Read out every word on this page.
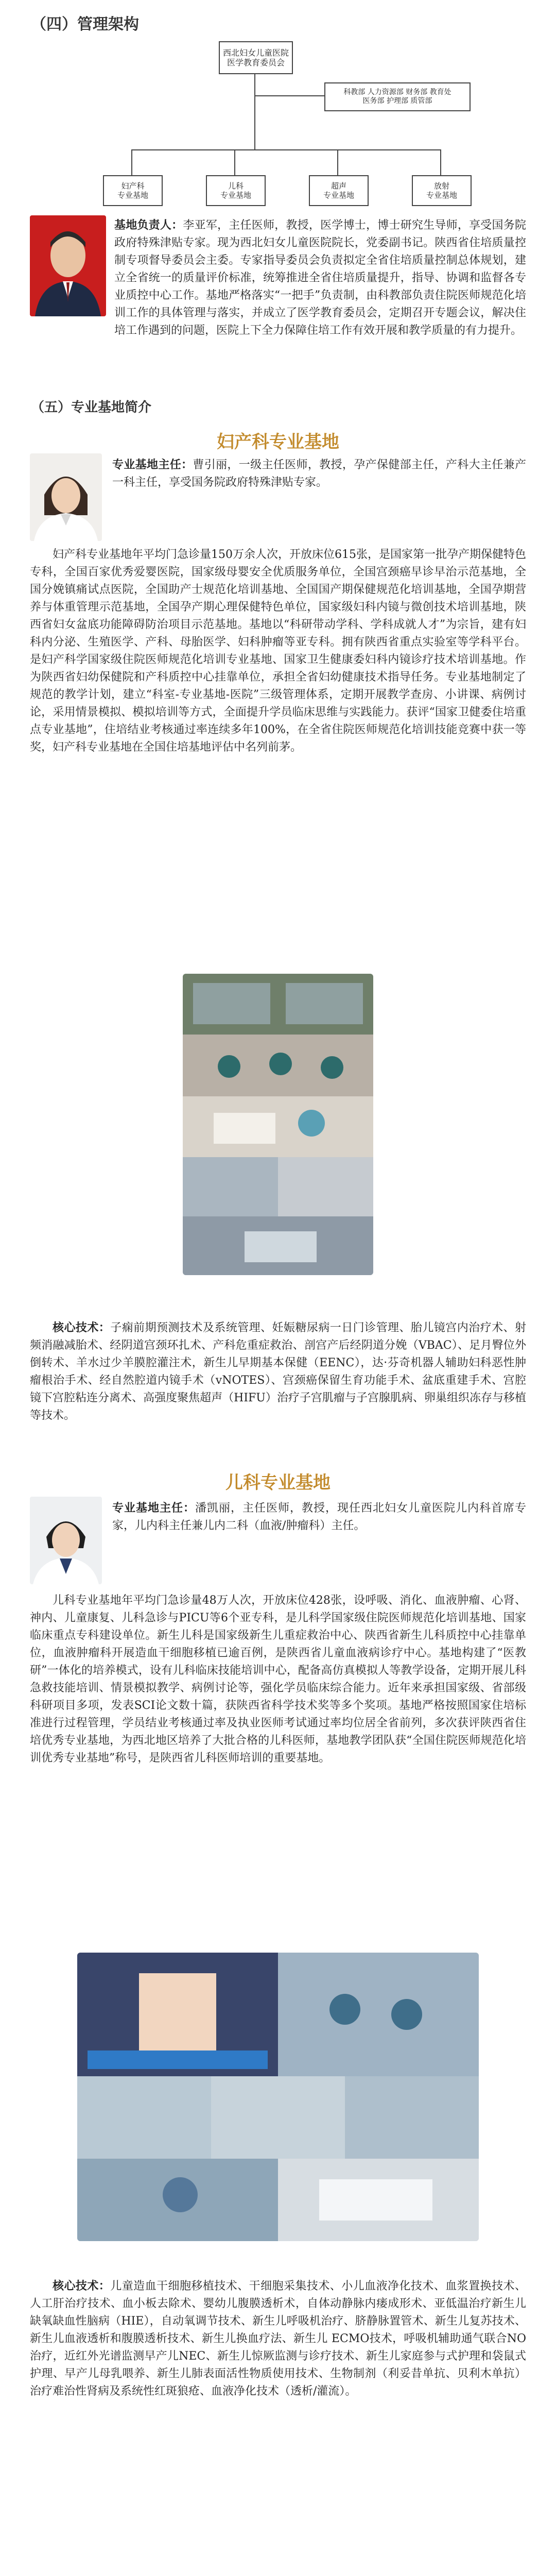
（四）管理架构
西北妇女儿童医院
医学教育委员会
科教部 人力资源部 财务部 教育处
医务部 护理部 质管部
妇产科
专业基地
儿科
专业基地
超声
专业基地
放射
专业基地
基地负责人：李亚军，主任医师，教授，医学博士，博士研究生导师，享受国务院政府特殊津贴专家。现为西北妇女儿童医院院长，党委副书记。陕西省住培质量控制专项督导委员会主委。专家指导委员会负责拟定全省住培质量控制总体规划，建立全省统一的质量评价标准，统筹推进全省住培质量提升，指导、协调和监督各专业质控中心工作。基地严格落实“一把手”负责制，由科教部负责住院医师规范化培训工作的具体管理与落实，并成立了医学教育委员会，定期召开专题会议，解决住培工作遇到的问题，医院上下全力保障住培工作有效开展和教学质量的有力提升。
（五）专业基地简介
妇产科专业基地
专业基地主任：曹引丽，一级主任医师，教授，孕产保健部主任，产科大主任兼产一科主任，享受国务院政府特殊津贴专家。
妇产科专业基地年平均门急诊量150万余人次，开放床位615张，是国家第一批孕产期保健特色专科，全国百家优秀爱婴医院，国家级母婴安全优质服务单位，全国宫颈癌早诊早治示范基地，全国分娩镇痛试点医院，全国助产士规范化培训基地、全国国产期保健规范化培训基地，全国孕期营养与体重管理示范基地，全国孕产期心理保健特色单位，国家级妇科内镜与微创技术培训基地，陕西省妇女盆底功能障碍防治项目示范基地。基地以“科研带动学科、学科成就人才”为宗旨，建有妇科内分泌、生殖医学、产科、母胎医学、妇科肿瘤等亚专科。拥有陕西省重点实验室等学科平台。是妇产科学国家级住院医师规范化培训专业基地、国家卫生健康委妇科内镜诊疗技术培训基地。作为陕西省妇幼保健院和产科质控中心挂靠单位，承担全省妇幼健康技术指导任务。专业基地制定了规范的教学计划，建立“科室-专业基地-医院”三级管理体系，定期开展教学查房、小讲课、病例讨论，采用情景模拟、模拟培训等方式，全面提升学员临床思维与实践能力。获评“国家卫健委住培重点专业基地”，住培结业考核通过率连续多年100%，在全省住院医师规范化培训技能竞赛中获一等奖，妇产科专业基地在全国住培基地评估中名列前茅。
核心技术：子痫前期预测技术及系统管理、妊娠糖尿病一日门诊管理、胎儿镜宫内治疗术、射频消融减胎术、经阴道宫颈环扎术、产科危重症救治、剖宫产后经阴道分娩（VBAC）、足月臀位外倒转术、羊水过少羊膜腔灌注术，新生儿早期基本保健（EENC），达·芬奇机器人辅助妇科恶性肿瘤根治手术、经自然腔道内镜手术（vNOTES）、宫颈癌保留生育功能手术、盆底重建手术、宫腔镜下宫腔粘连分离术、高强度聚焦超声（HIFU）治疗子宫肌瘤与子宫腺肌病、卵巢组织冻存与移植等技术。
儿科专业基地
专业基地主任：潘凯丽，主任医师，教授，现任西北妇女儿童医院儿内科首席专家，儿内科主任兼儿内二科（血液/肿瘤科）主任。
儿科专业基地年平均门急诊量48万人次，开放床位428张，设呼吸、消化、血液肿瘤、心肾、神内、儿童康复、儿科急诊与PICU等6个亚专科，是儿科学国家级住院医师规范化培训基地、国家临床重点专科建设单位。新生儿科是国家级新生儿重症救治中心、陕西省新生儿科质控中心挂靠单位，血液肿瘤科开展造血干细胞移植已逾百例，是陕西省儿童血液病诊疗中心。基地构建了“医教研”一体化的培养模式，设有儿科临床技能培训中心，配备高仿真模拟人等教学设备，定期开展儿科急救技能培训、情景模拟教学、病例讨论等，强化学员临床综合能力。近年来承担国家级、省部级科研项目多项，发表SCI论文数十篇，获陕西省科学技术奖等多个奖项。基地严格按照国家住培标准进行过程管理，学员结业考核通过率及执业医师考试通过率均位居全省前列，多次获评陕西省住培优秀专业基地，为西北地区培养了大批合格的儿科医师，基地教学团队获“全国住院医师规范化培训优秀专业基地”称号，是陕西省儿科医师培训的重要基地。
核心技术：儿童造血干细胞移植技术、干细胞采集技术、小儿血液净化技术、血浆置换技术、人工肝治疗技术、血小板去除术、婴幼儿腹膜透析术，自体动静脉内瘘成形术、亚低温治疗新生儿缺氧缺血性脑病（HIE），自动氧调节技术、新生儿呼吸机治疗、脐静脉置管术、新生儿复苏技术、新生儿血液透析和腹膜透析技术、新生儿换血疗法、新生儿 ECMO技术，呼吸机辅助通气联合NO治疗，近红外光谱监测早产儿NEC、新生儿惊厥监测与诊疗技术、新生儿家庭参与式护理和袋鼠式护理、早产儿母乳喂养、新生儿肺表面活性物质使用技术、生物制剂（利妥昔单抗、贝利木单抗）治疗难治性肾病及系统性红斑狼疮、血液净化技术（透析/灌流）。
